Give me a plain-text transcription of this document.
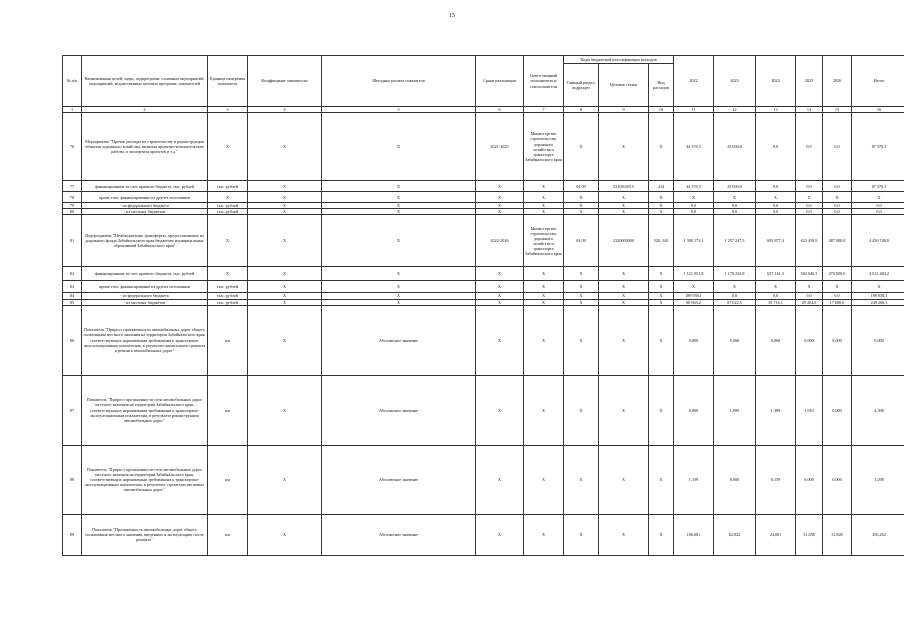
15
№ п/п	Наименования целей, задач, подпрограмм, основных мероприятий, мероприятий, ведомственных целевых программ, показателей	Единица измерения показателя	Коэффициант значимости	Методика расчета показателя	Сроки реализации	Ответственный исполнитель и соисполнители	Коды бюджетной классификации расходов			2022	2023	2024	2025	2026	Итого
							Главный раздел, подраздел	Целевая статья	Вид расходов						
1	2	3	4	5	6	7	8	9	10	11	12	13	14	15	16
76	Мероприятие "Прочие расходы по строительству и реконструкции объектов дорожного хозяйства, включая проектно-изыскательские работы, и экспертиза проектов и т.д."	Х	Х	Х	2021-2025	Министерство строительства, дорожного хозяйства и транспорта Забайкальского края	Х	Х	Х	42 370,3	25 000,0	0,0	0,0	0,0	67 370,3
77	финансирование за счет краевого бюджета, тыс. рублей	тыс. рублей	Х	Х	Х	Х	04 09	3310304515	414	42 370,3	25 000,0	0,0	0,0	0,0	67 370,3
78	кроме того, финансирование из других источников	Х	Х	Х	Х	Х	Х	Х	Х	Х	Х	Х	Х	Х	Х
79	- из федерального бюджета	тыс. рублей	Х	Х	Х	Х	Х	Х	Х	0,0	0,0	0,0	0,0	0,0	0,0
80	- из местных бюджетов	тыс. рублей	Х	Х	Х	Х	Х	Х	Х	0,0	0,0	0,0	0,0	0,0	0,0
81	Подпрограмма "Межбюджетные трансферты, предоставляемые из дорожного фонда Забайкальского края бюджетам муниципальных образований Забайкальского края"	Х	Х	Х	2022-2026	Министерство строительства, дорожного хозяйства и транспорта Забайкальского края	04 09	3320000000	520, 540	1 390 173,1	1 257 247,3	692 877,4	623 450,9	487 000,0	4 450 748,8
82	финансирование за счет краевого бюджета, тыс. рублей	Х	Х	Х	Х	Х	Х	Х	Х	1 121 051,8	1 170 224,8	657 161,3	594 046,3	470 000,0	4 012 484,2
83	кроме того, финансирование из других источников	тыс. рублей	Х	Х	Х	Х	Х	Х	Х	Х	Х	Х	Х	Х	Х
84	- из федерального бюджета	тыс. рублей	Х	Х	Х	Х	Х	Х	Х	189 058,1	0,0	0,0	0,0	0,0	189 058,1
85	- из местных бюджетов	тыс. рублей	Х	Х	Х	Х	Х	Х	Х	80 063,2	87 022,5	35 716,1	29 404,6	17 000,0	249 206,3
86	Показатель "Прирост протяженности автомобильных дорог общего пользования местного значения на территории Забайкальского края, соответствующих нормативным требованиям к транспортно-эксплуатационным показателям, в результате капитального ремонта и ремонта автомобильных дорог"	км	Х	Абсолютное значение	Х	Х	Х	Х	Х	0,000	0,000	0,000	0,000	0,000	0,000
87	Показатель "Прирост протяженности сети автомобильных дорог местного значения на территории Забайкальского края, соответствующих нормативным требованиям к транспортно-эксплуатационным показателям, в результате реконструкции автомобильных дорог"	км	Х	Абсолютное значение	Х	Х	Х	Х	Х	0,000	1,999	1,389	1,010	0,000	4,398
88	Показатель "Прирост протяженности сети автомобильных дорог местного значения на территории Забайкальского края, соответствующих нормативным требованиям к транспортно-эксплуатационным показателям, в результате строительства новых автомобильных дорог"	км	Х	Абсолютное значение	Х	Х	Х	Х	Х	1,159	0,000	0,139	0,000	0,000	1,298
89	Показатель "Протяженность автомобильных дорог общего пользования местного значения, введенных в эксплуатацию после ремонта"	км	Х	Абсолютное значение	Х	Х	Х	Х	Х	106,681	62,022	24,081	31,658	31,820	256,262
